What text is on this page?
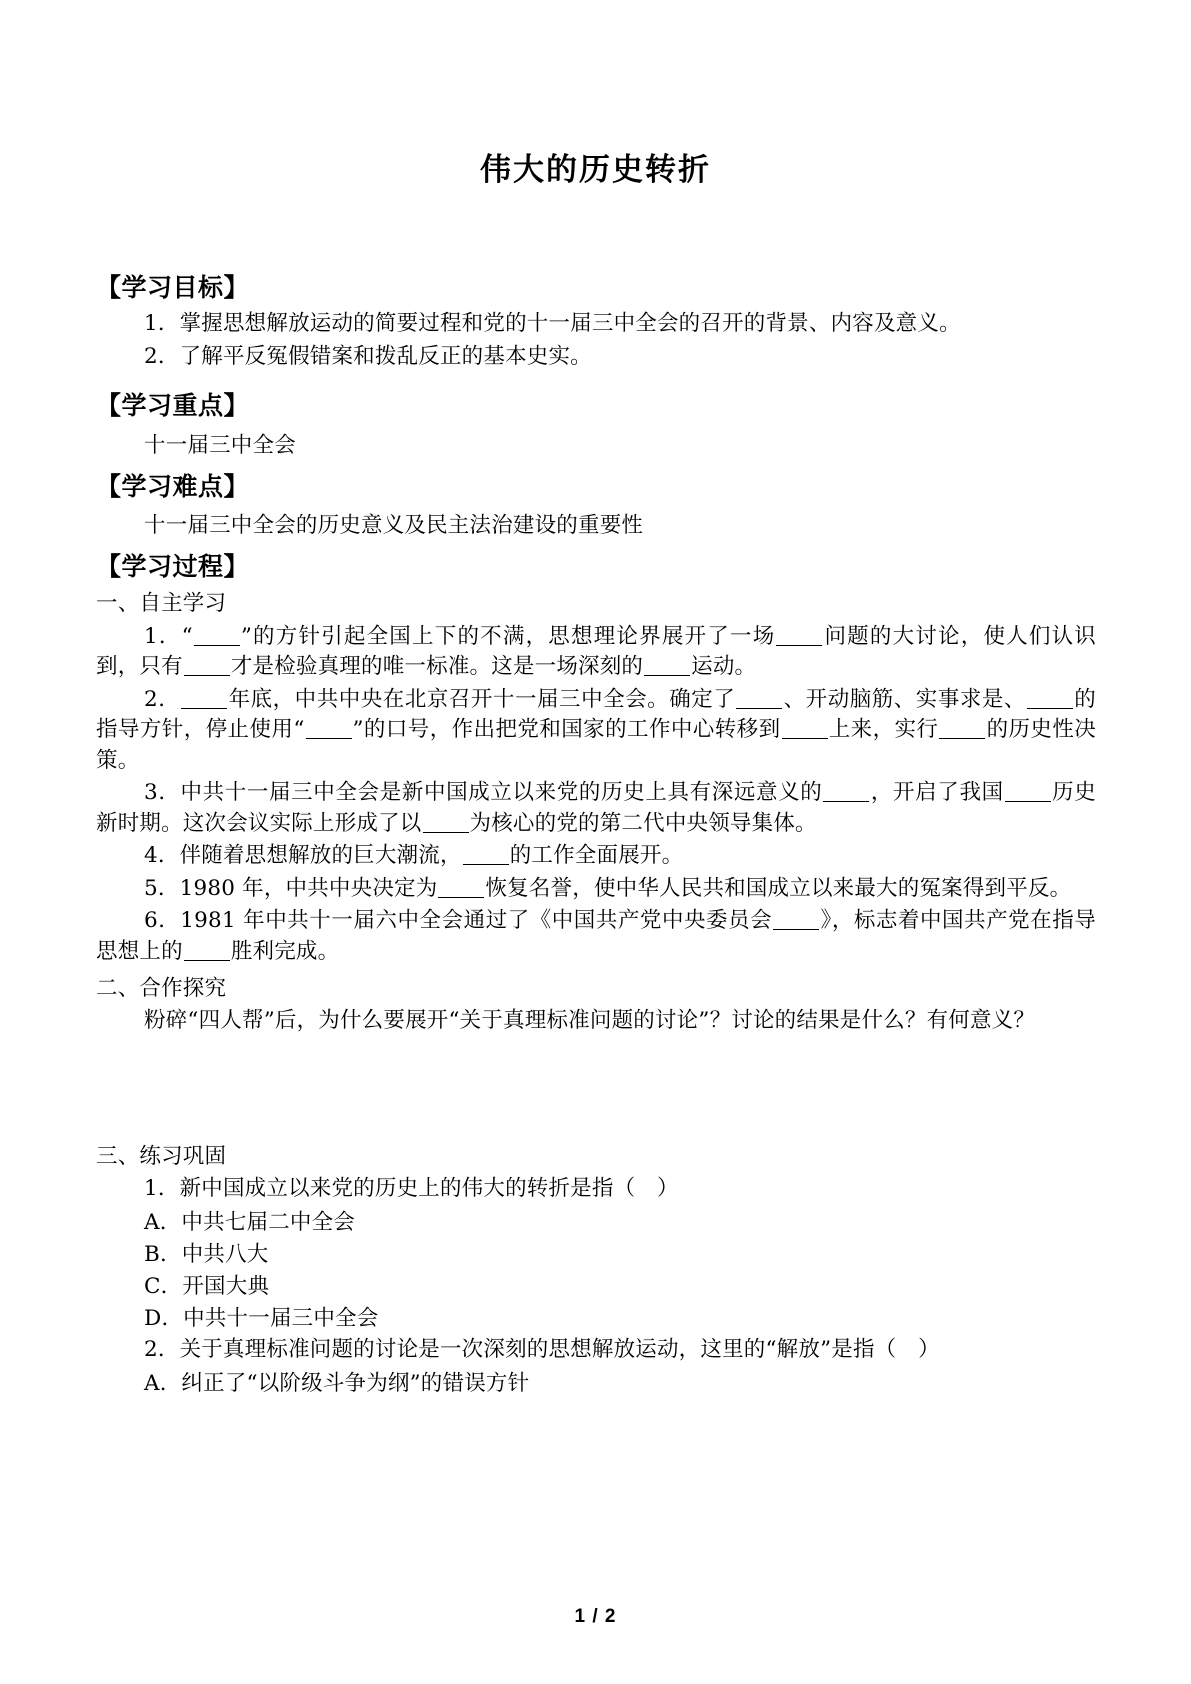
伟大的历史转折
【学习目标】
1．掌握思想解放运动的简要过程和党的十一届三中全会的召开的背景、内容及意义。
2．了解平反冤假错案和拨乱反正的基本史实。
【学习重点】
十一届三中全会
【学习难点】
十一届三中全会的历史意义及民主法治建设的重要性
【学习过程】
一、自主学习
1．“ ”的方针引起全国上下的不满，思想理论界展开了一场 问题的大讨论，使人们认识到，只有 才是检验真理的唯一标准。这是一场深刻的 运动。
2． 年底，中共中央在北京召开十一届三中全会。确定了 、开动脑筋、实事求是、 的指导方针，停止使用“ ”的口号，作出把党和国家的工作中心转移到 上来，实行 的历史性决策。
3．中共十一届三中全会是新中国成立以来党的历史上具有深远意义的 ，开启了我国 历史新时期。这次会议实际上形成了以 为核心的党的第二代中央领导集体。
4．伴随着思想解放的巨大潮流， 的工作全面展开。
5．1980 年，中共中央决定为 恢复名誉，使中华人民共和国成立以来最大的冤案得到平反。
6．1981 年中共十一届六中全会通过了《中国共产党中央委员会 》，标志着中国共产党在指导思想上的 胜利完成。
二、合作探究
粉碎“四人帮”后，为什么要展开“关于真理标准问题的讨论”？讨论的结果是什么？有何意义？
三、练习巩固
1．新中国成立以来党的历史上的伟大的转折是指（　）
A．中共七届二中全会
B．中共八大
C．开国大典
D．中共十一届三中全会
2．关于真理标准问题的讨论是一次深刻的思想解放运动，这里的“解放”是指（　）
A．纠正了“以阶级斗争为纲”的错误方针
1 / 2
